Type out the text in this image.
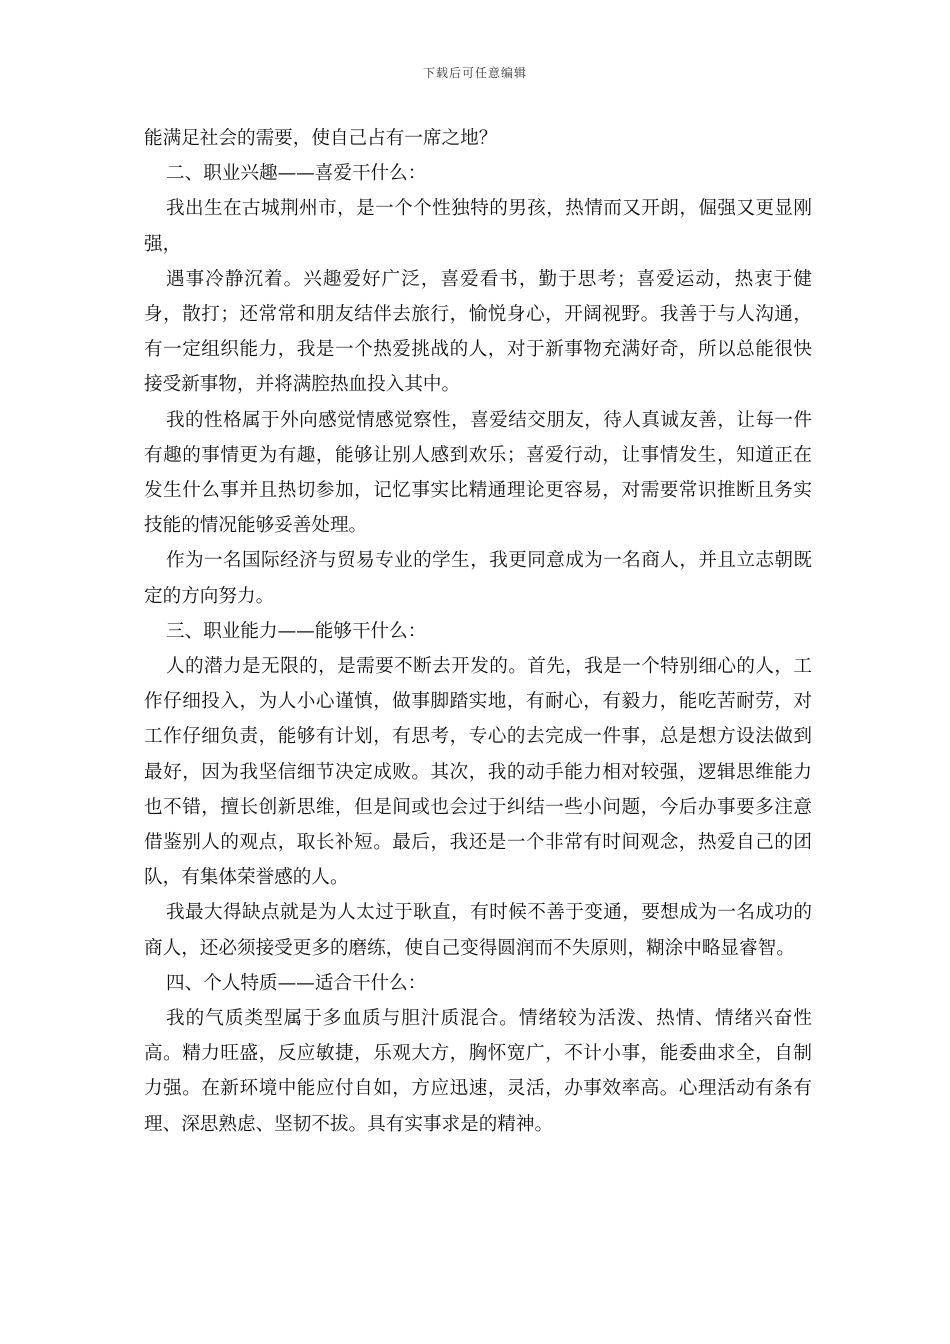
下载后可任意编辑

能满足社会的需要，使自己占有一席之地？

二、职业兴趣——喜爱干什么：

我出生在古城荆州市，是一个个性独特的男孩，热情而又开朗，倔强又更显刚强，

遇事冷静沉着。兴趣爱好广泛，喜爱看书，勤于思考；喜爱运动，热衷于健身，散打；还常常和朋友结伴去旅行，愉悦身心，开阔视野。我善于与人沟通，有一定组织能力，我是一个热爱挑战的人，对于新事物充满好奇，所以总能很快接受新事物，并将满腔热血投入其中。

我的性格属于外向感觉情感觉察性，喜爱结交朋友，待人真诚友善，让每一件有趣的事情更为有趣，能够让别人感到欢乐；喜爱行动，让事情发生，知道正在发生什么事并且热切参加，记忆事实比精通理论更容易，对需要常识推断且务实技能的情况能够妥善处理。

作为一名国际经济与贸易专业的学生，我更同意成为一名商人，并且立志朝既定的方向努力。

三、职业能力——能够干什么：

人的潜力是无限的，是需要不断去开发的。首先，我是一个特别细心的人，工作仔细投入，为人小心谨慎，做事脚踏实地，有耐心，有毅力，能吃苦耐劳，对工作仔细负责，能够有计划，有思考，专心的去完成一件事，总是想方设法做到最好，因为我坚信细节决定成败。其次，我的动手能力相对较强，逻辑思维能力也不错，擅长创新思维，但是间或也会过于纠结一些小问题，今后办事要多注意借鉴别人的观点，取长补短。最后，我还是一个非常有时间观念，热爱自己的团队，有集体荣誉感的人。

我最大得缺点就是为人太过于耿直，有时候不善于变通，要想成为一名成功的商人，还必须接受更多的磨练，使自己变得圆润而不失原则，糊涂中略显睿智。

四、个人特质——适合干什么：

我的气质类型属于多血质与胆汁质混合。情绪较为活泼、热情、情绪兴奋性高。精力旺盛，反应敏捷，乐观大方，胸怀宽广，不计小事，能委曲求全，自制力强。在新环境中能应付自如，方应迅速，灵活，办事效率高。心理活动有条有理、深思熟虑、坚韧不拔。具有实事求是的精神。
